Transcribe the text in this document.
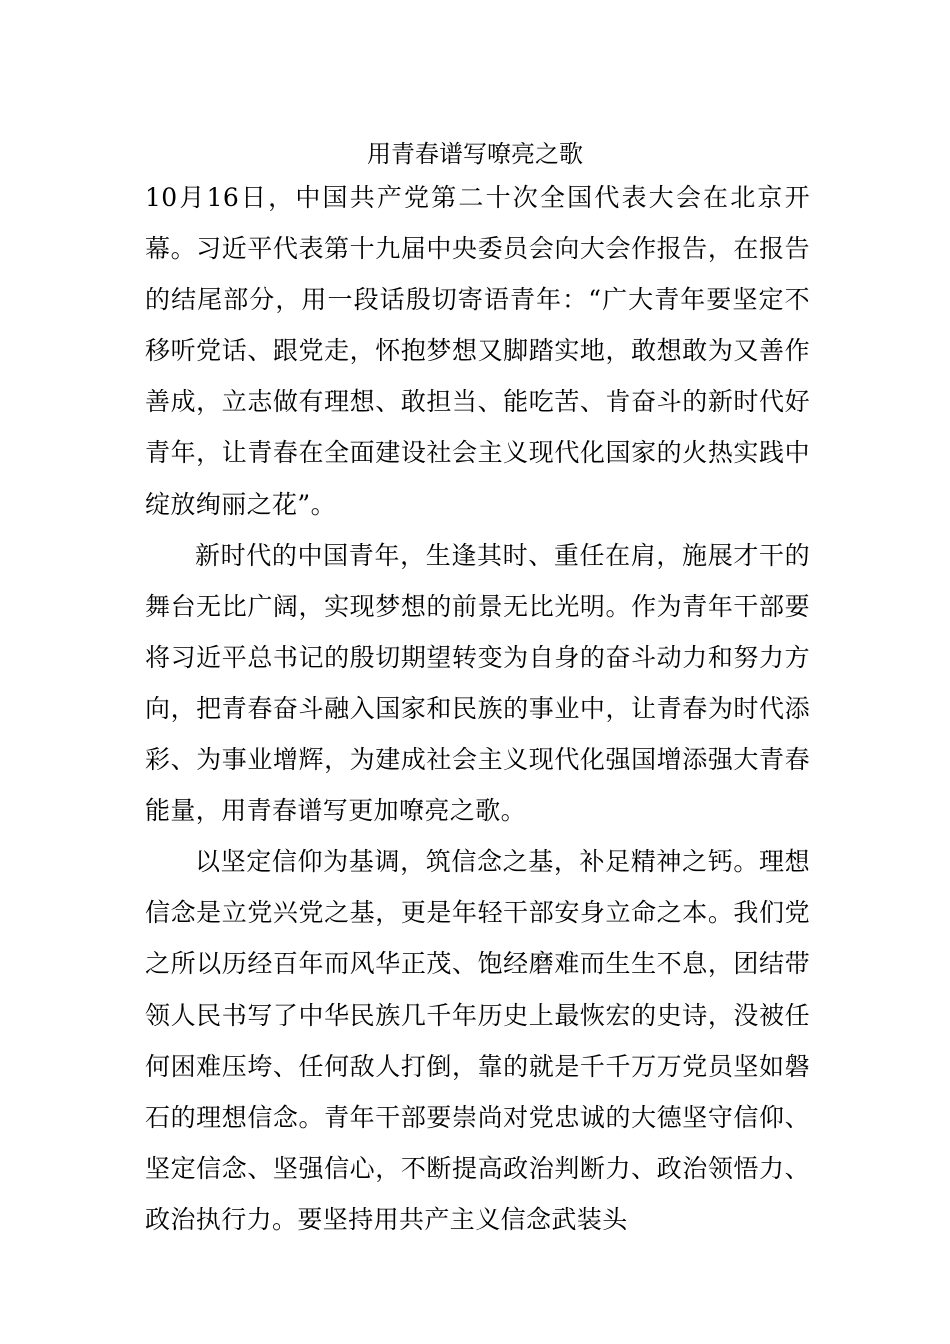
用青春谱写嘹亮之歌

10月16日，中国共产党第二十次全国代表大会在北京开幕。习近平代表第十九届中央委员会向大会作报告，在报告的结尾部分，用一段话殷切寄语青年：“广大青年要坚定不移听党话、跟党走，怀抱梦想又脚踏实地，敢想敢为又善作善成，立志做有理想、敢担当、能吃苦、肯奋斗的新时代好青年，让青春在全面建设社会主义现代化国家的火热实践中绽放绚丽之花”。

新时代的中国青年，生逢其时、重任在肩，施展才干的舞台无比广阔，实现梦想的前景无比光明。作为青年干部要将习近平总书记的殷切期望转变为自身的奋斗动力和努力方向，把青春奋斗融入国家和民族的事业中，让青春为时代添彩、为事业增辉，为建成社会主义现代化强国增添强大青春能量，用青春谱写更加嘹亮之歌。

以坚定信仰为基调，筑信念之基，补足精神之钙。理想信念是立党兴党之基，更是年轻干部安身立命之本。我们党之所以历经百年而风华正茂、饱经磨难而生生不息，团结带领人民书写了中华民族几千年历史上最恢宏的史诗，没被任何困难压垮、任何敌人打倒，靠的就是千千万万党员坚如磐石的理想信念。青年干部要崇尚对党忠诚的大德坚守信仰、坚定信念、坚强信心，不断提高政治判断力、政治领悟力、政治执行力。要坚持用共产主义信念武装头
